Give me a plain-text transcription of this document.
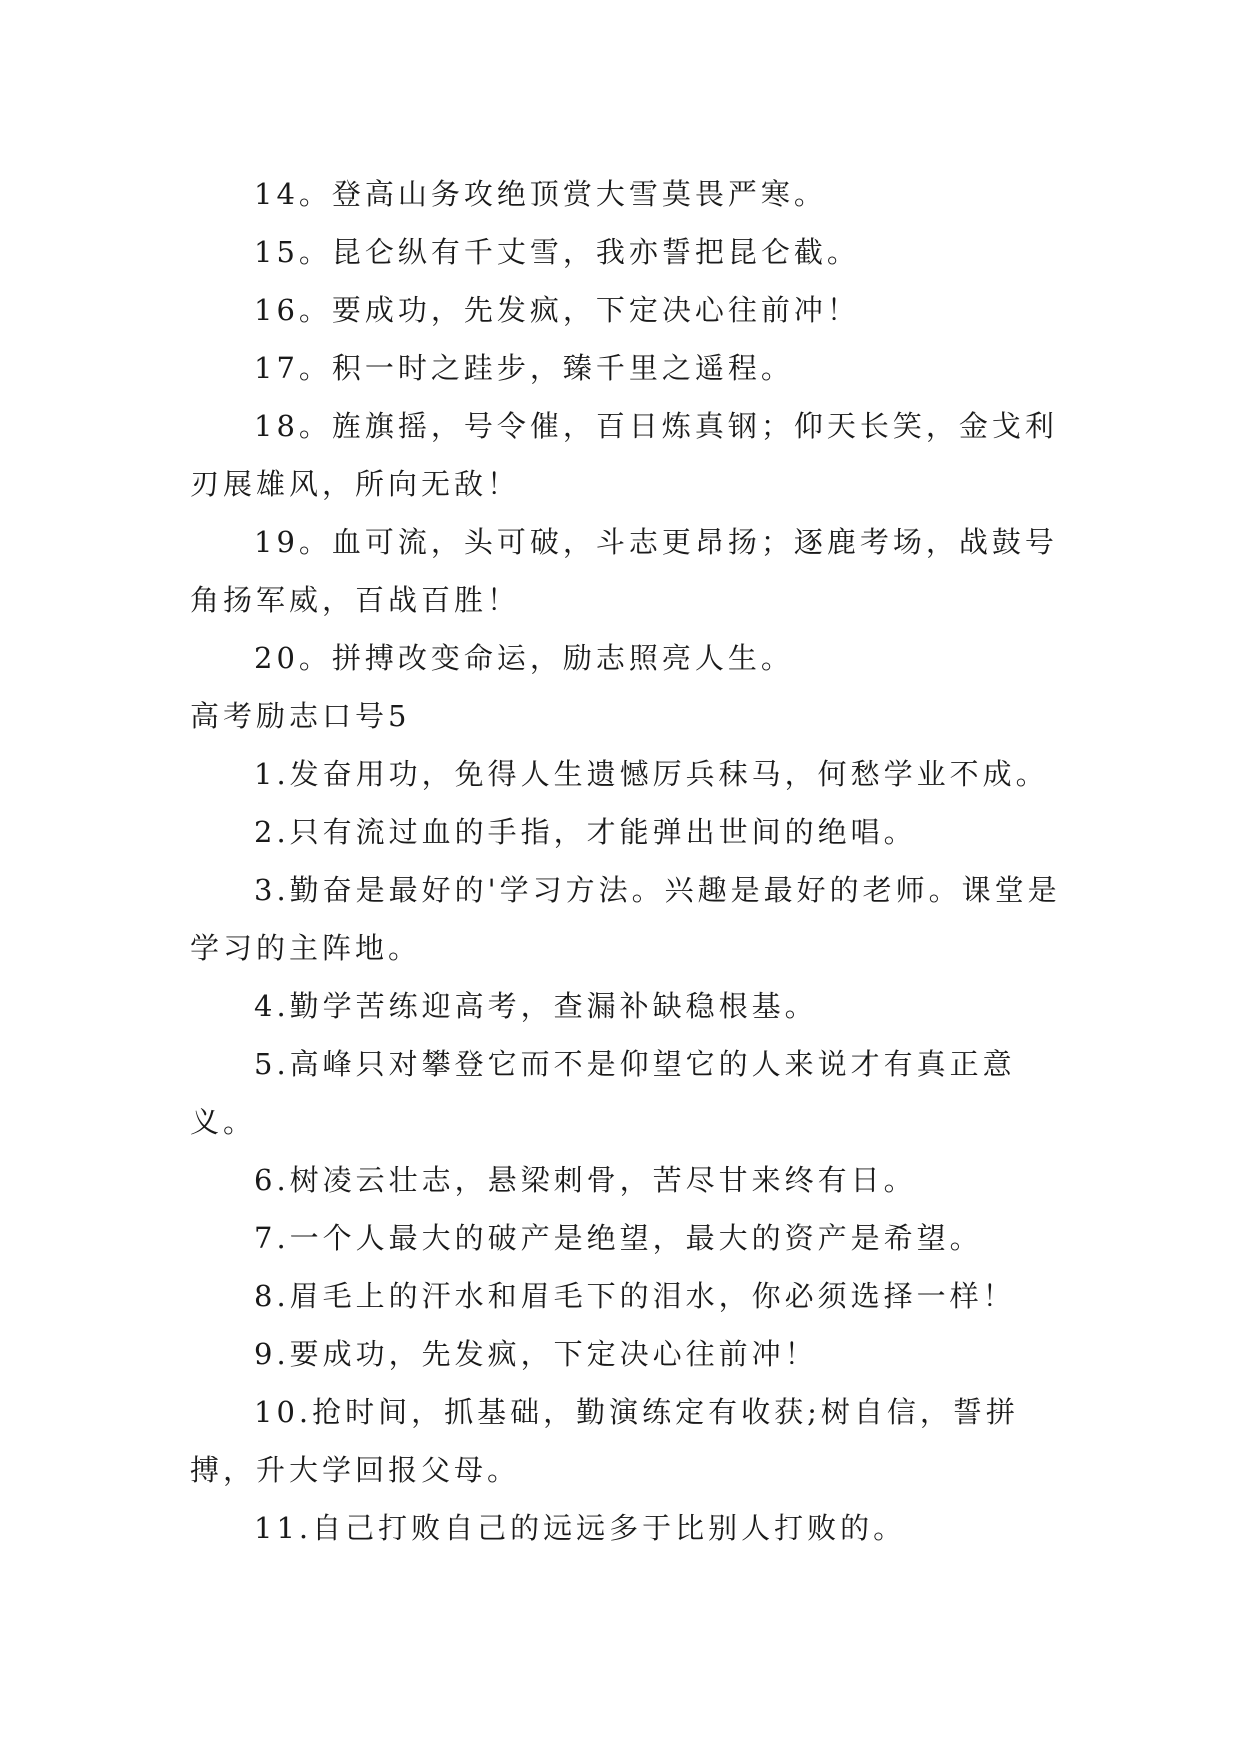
14。登高山务攻绝顶赏大雪莫畏严寒。

15。昆仑纵有千丈雪，我亦誓把昆仑截。

16。要成功，先发疯，下定决心往前冲！

17。积一时之跬步，臻千里之遥程。

18。旌旗摇，号令催，百日炼真钢；仰天长笑，金戈利刃展雄风，所向无敌！

19。血可流，头可破，斗志更昂扬；逐鹿考场，战鼓号角扬军威，百战百胜！

20。拼搏改变命运，励志照亮人生。

高考励志口号5

1.发奋用功，免得人生遗憾厉兵秣马，何愁学业不成。

2.只有流过血的手指，才能弹出世间的绝唱。

3.勤奋是最好的'学习方法。兴趣是最好的老师。课堂是学习的主阵地。

4.勤学苦练迎高考，查漏补缺稳根基。

5.高峰只对攀登它而不是仰望它的人来说才有真正意义。

6.树凌云壮志，悬梁刺骨，苦尽甘来终有日。

7.一个人最大的破产是绝望，最大的资产是希望。

8.眉毛上的汗水和眉毛下的泪水，你必须选择一样！

9.要成功，先发疯，下定决心往前冲！

10.抢时间，抓基础，勤演练定有收获;树自信，誓拼搏，升大学回报父母。

11.自己打败自己的远远多于比别人打败的。
